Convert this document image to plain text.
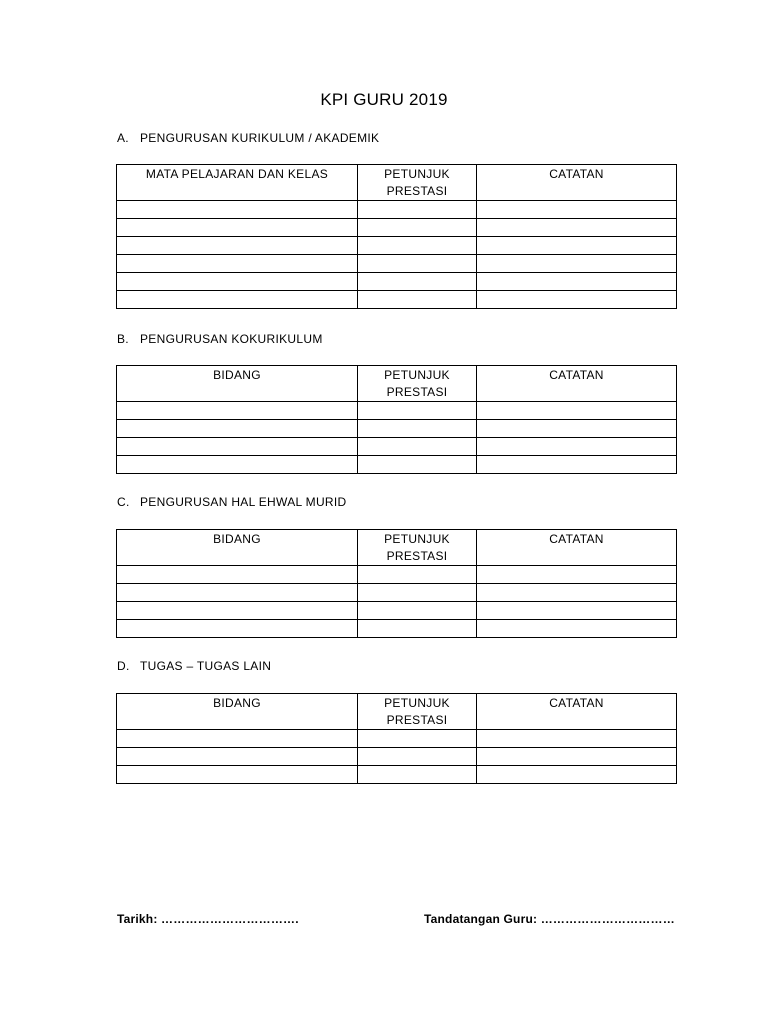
KPI GURU 2019
A. PENGURUSAN KURIKULUM / AKADEMIK
MATA PELAJARAN DAN KELAS	PETUNJUK PRESTASI	CATATAN

B. PENGURUSAN KOKURIKULUM
BIDANG	PETUNJUK PRESTASI	CATATAN

C. PENGURUSAN HAL EHWAL MURID
BIDANG	PETUNJUK PRESTASI	CATATAN

D. TUGAS – TUGAS LAIN
BIDANG	PETUNJUK PRESTASI	CATATAN

Tarikh: …………………………….	Tandatangan Guru: ……………………………
